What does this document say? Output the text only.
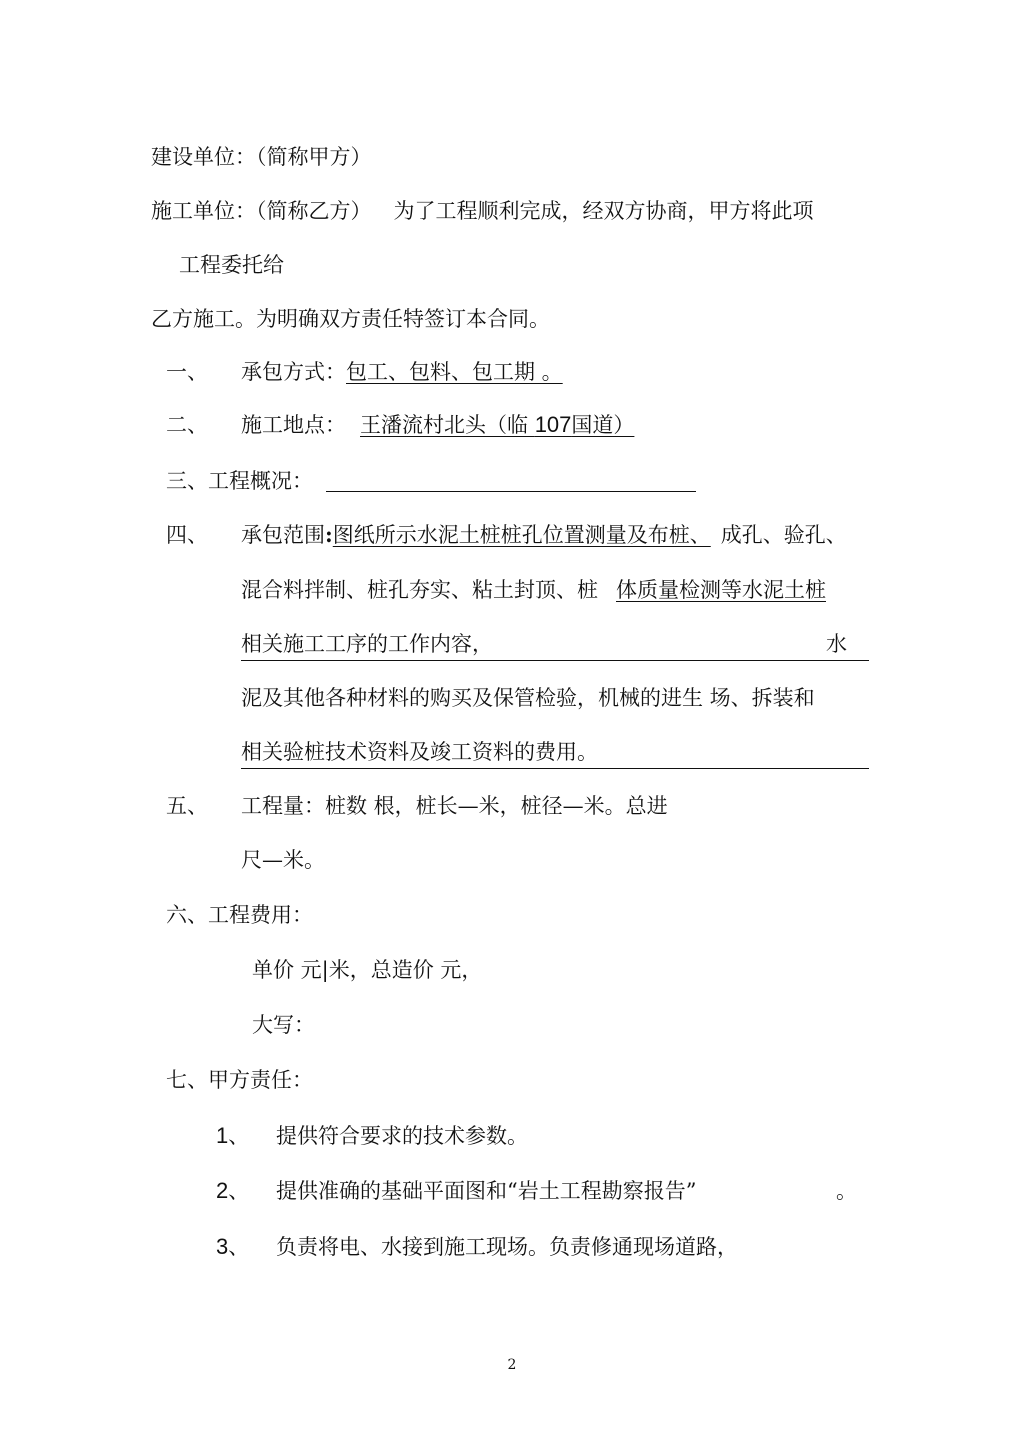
建设单位：（简称甲方）
施工单位：（简称乙方） 为了工程顺利完成，经双方协商，甲方将此项
工程委托给
乙方施工。为明确双方责任特签订本合同。
一、 承包方式：包工、包料、包工期 。
二、 施工地点： 王潘流村北头（临 107国道）
三、工程概况：
四、 承包范围:图纸所示水泥土桩桩孔位置测量及布桩、 成孔、验孔、
混合料拌制、桩孔夯实、粘土封顶、桩 体质量检测等水泥土桩
相关施工工序的工作内容，	水
泥及其他各种材料的购买及保管检验，机械的进生 场、拆装和
相关验桩技术资料及竣工资料的费用。
五、 工程量：桩数 根，桩长—米，桩径—米。总进
尺—米。
六、工程费用：
单价 元|米，总造价 元，
大写：
七、甲方责任：
1、 提供符合要求的技术参数。
2、 提供准确的基础平面图和“岩土工程勘察报告”	。
3、 负责将电、水接到施工现场。负责修通现场道路，
2
